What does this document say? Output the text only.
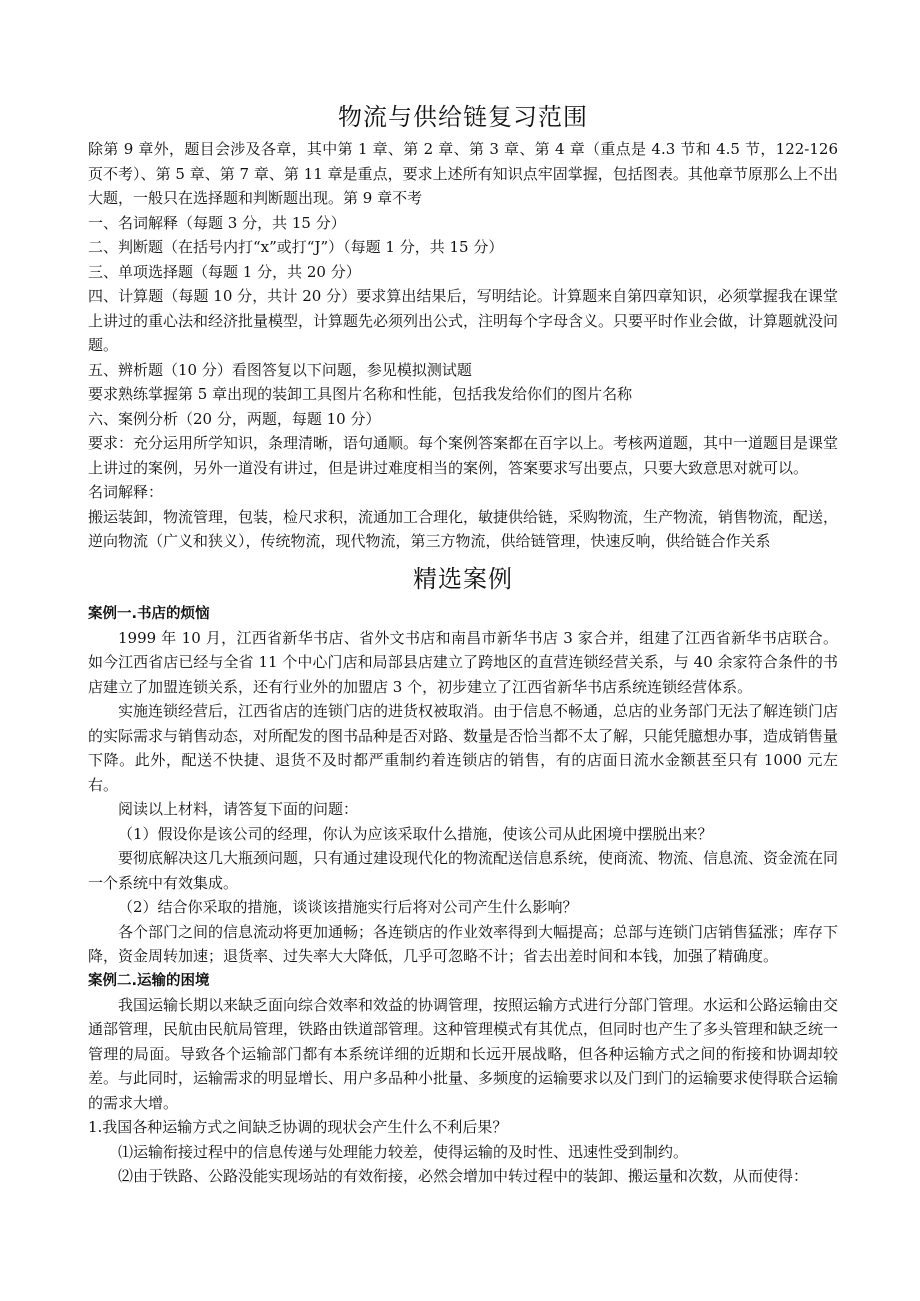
物流与供给链复习范围

除第 9 章外，题目会涉及各章，其中第 1 章、第 2 章、第 3 章、第 4 章（重点是 4.3 节和 4.5 节，122-126 页不考）、第 5 章、第 7 章、第 11 章是重点，要求上述所有知识点牢固掌握，包括图表。其他章节原那么上不出大题，一般只在选择题和判断题出现。第 9 章不考

一、名词解释（每题 3 分，共 15 分）

二、判断题（在括号内打“x”或打“J”）（每题 1 分，共 15 分）

三、单项选择题（每题 1 分，共 20 分）

四、计算题（每题 10 分，共计 20 分）要求算出结果后，写明结论。计算题来自第四章知识，必须掌握我在课堂上讲过的重心法和经济批量模型，计算题先必须列出公式，注明每个字母含义。只要平时作业会做，计算题就没问题。

五、辨析题（10 分）看图答复以下问题，参见模拟测试题

要求熟练掌握第 5 章出现的装卸工具图片名称和性能，包括我发给你们的图片名称

六、案例分析（20 分，两题，每题 10 分）

要求：充分运用所学知识，条理清晰，语句通顺。每个案例答案都在百字以上。考核两道题，其中一道题目是课堂上讲过的案例，另外一道没有讲过，但是讲过难度相当的案例，答案要求写出要点，只要大致意思对就可以。

名词解释：

搬运装卸，物流管理，包装，检尺求积，流通加工合理化，敏捷供给链，采购物流，生产物流，销售物流，配送，逆向物流（广义和狭义），传统物流，现代物流，第三方物流，供给链管理，快速反响，供给链合作关系

精选案例

案例一.书店的烦恼

1999 年 10 月，江西省新华书店、省外文书店和南昌市新华书店 3 家合并，组建了江西省新华书店联合。如今江西省店已经与全省 11 个中心门店和局部县店建立了跨地区的直营连锁经营关系，与 40 余家符合条件的书店建立了加盟连锁关系，还有行业外的加盟店 3 个，初步建立了江西省新华书店系统连锁经营体系。

实施连锁经营后，江西省店的连锁门店的进货权被取消。由于信息不畅通，总店的业务部门无法了解连锁门店的实际需求与销售动态，对所配发的图书品种是否对路、数量是否恰当都不太了解，只能凭臆想办事，造成销售量下降。此外，配送不快捷、退货不及时都严重制约着连锁店的销售，有的店面日流水金额甚至只有 1000 元左右。

阅读以上材料，请答复下面的问题：

（1）假设你是该公司的经理，你认为应该采取什么措施，使该公司从此困境中摆脱出来？

要彻底解决这几大瓶颈问题，只有通过建设现代化的物流配送信息系统，使商流、物流、信息流、资金流在同一个系统中有效集成。

（2）结合你采取的措施，谈谈该措施实行后将对公司产生什么影响？

各个部门之间的信息流动将更加通畅；各连锁店的作业效率得到大幅提高；总部与连锁门店销售猛涨；库存下降，资金周转加速；退货率、过失率大大降低，几乎可忽略不计；省去出差时间和本钱，加强了精确度。

案例二.运输的困境

我国运输长期以来缺乏面向综合效率和效益的协调管理，按照运输方式进行分部门管理。水运和公路运输由交通部管理，民航由民航局管理，铁路由铁道部管理。这种管理模式有其优点，但同时也产生了多头管理和缺乏统一管理的局面。导致各个运输部门都有本系统详细的近期和长远开展战略，但各种运输方式之间的衔接和协调却较差。与此同时，运输需求的明显增长、用户多品种小批量、多频度的运输要求以及门到门的运输要求使得联合运输的需求大增。

1.我国各种运输方式之间缺乏协调的现状会产生什么不利后果？

⑴运输衔接过程中的信息传递与处理能力较差，使得运输的及时性、迅速性受到制约。

⑵由于铁路、公路没能实现场站的有效衔接，必然会增加中转过程中的装卸、搬运量和次数，从而使得：
